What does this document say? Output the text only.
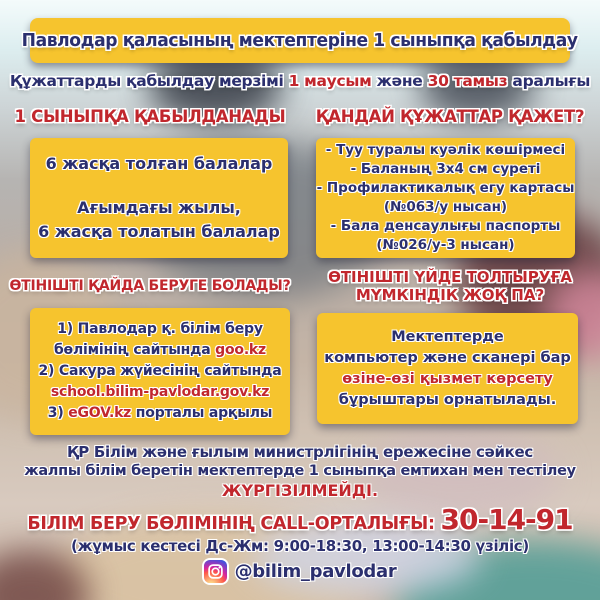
Павлодар қаласының мектептеріне 1 сыныпқа қабылдау
Құжаттарды қабылдау мерзімі 1 маусым және 30 тамыз аралығы
1 СЫНЫПҚА ҚАБЫЛДАНАДЫ	ҚАНДАЙ ҚҰЖАТТАР ҚАЖЕТ?
6 жасқа толған балалар
Ағымдағы жылы,
6 жасқа толатын балалар
- Туу туралы куәлік көшірмесі
- Баланың 3х4 см суреті
- Профилактикалық егу картасы
(№063/у нысан)
- Бала денсаулығы паспорты
(№026/у-3 нысан)
ӨТІНІШТІ ҚАЙДА БЕРУГЕ БОЛАДЫ?	ӨТІНІШТІ ҮЙДЕ ТОЛТЫРУҒА
МҮМКІНДІК ЖОҚ ПА?
1) Павлодар қ. білім беру
бөлімінің сайтында goo.kz
2) Сакура жүйесінің сайтында
school.bilim-pavlodar.gov.kz
3) eGOV.kz порталы арқылы
Мектептерде
компьютер және сканері бар
өзіне-өзі қызмет көрсету
бұрыштары орнатылады.
ҚР Білім және ғылым министрлігінің ережесіне сәйкес
жалпы білім беретін мектептерде 1 сыныпқа емтихан мен тестілеу
ЖҮРГІЗІЛМЕЙДІ.
БІЛІМ БЕРУ БӨЛІМІНІҢ CALL-ОРТАЛЫҒЫ: 30-14-91
(жұмыс кестесі Дс-Жм: 9:00-18:30, 13:00-14:30 үзіліс)
@bilim_pavlodar
